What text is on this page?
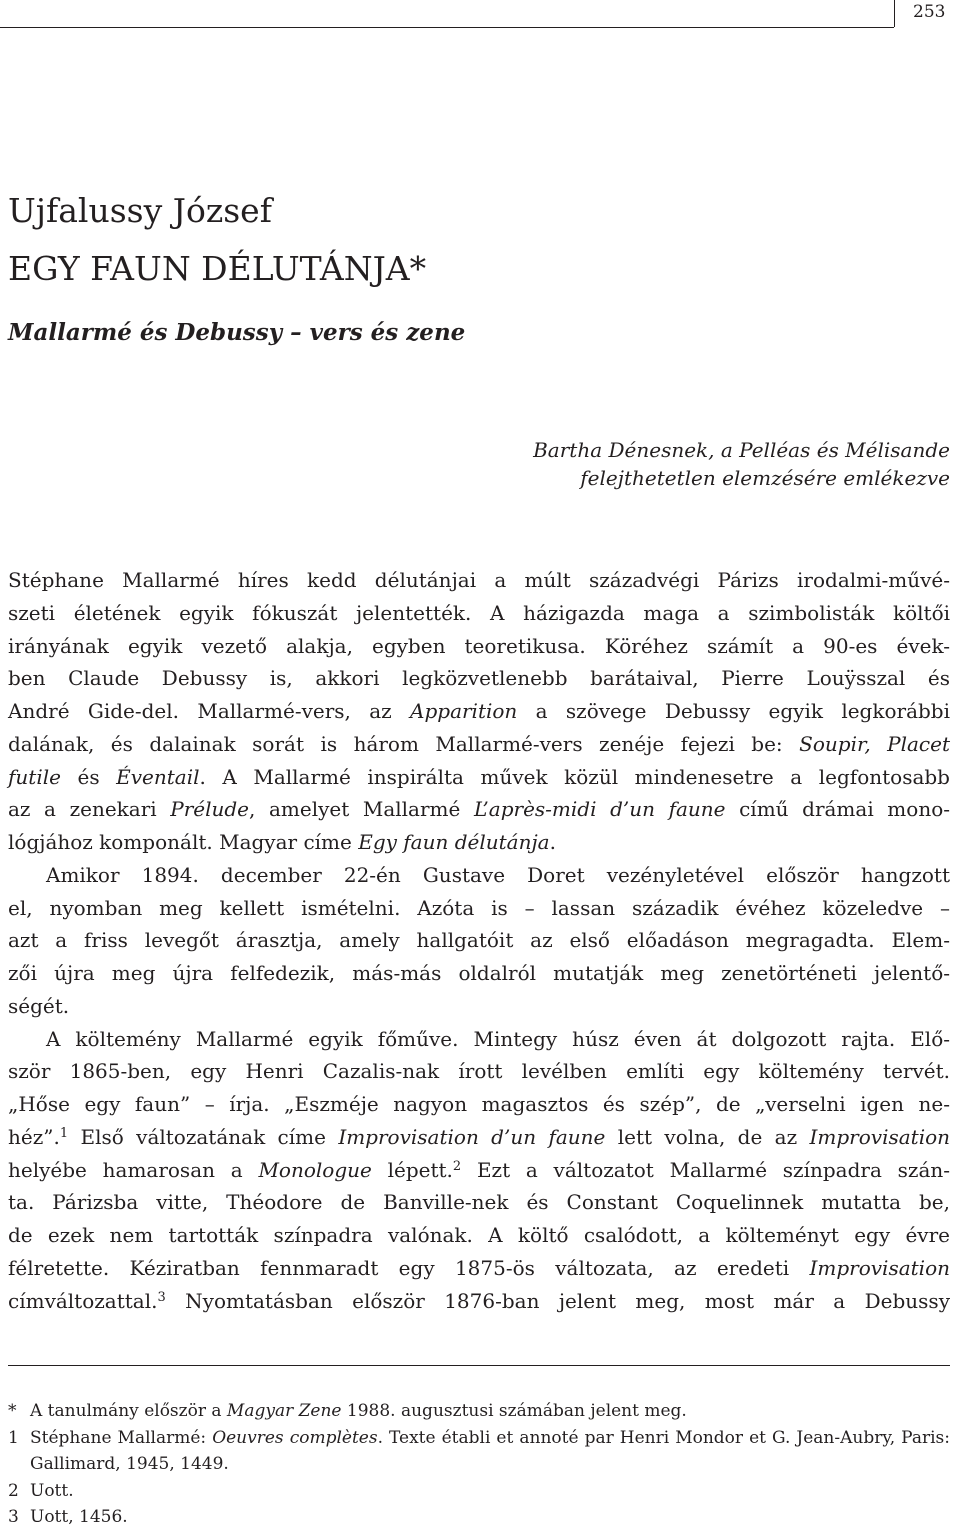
253
Ujfalussy József
EGY FAUN DÉLUTÁNJA*
Mallarmé és Debussy – vers és zene
Bartha Dénesnek, a Pelléas és Mélisande
felejthetetlen elemzésére emlékezve
Stéphane Mallarmé híres kedd délutánjai a múlt századvégi Párizs irodalmi-művé-
szeti életének egyik fókuszát jelentették. A házigazda maga a szimbolisták költői
irányának egyik vezető alakja, egyben teoretikusa. Köréhez számít a 90-es évek-
ben Claude Debussy is, akkori legközvetlenebb barátaival, Pierre Louÿsszal és
André Gide-del. Mallarmé-vers, az Apparition a szövege Debussy egyik legkorábbi
dalának, és dalainak sorát is három Mallarmé-vers zenéje fejezi be: Soupir, Placet
futile és Éventail. A Mallarmé inspirálta művek közül mindenesetre a legfontosabb
az a zenekari Prélude, amelyet Mallarmé L’après-midi d’un faune című drámai mono-
lógjához komponált. Magyar címe Egy faun délutánja.
Amikor 1894. december 22-én Gustave Doret vezényletével először hangzott
el, nyomban meg kellett ismételni. Azóta is – lassan századik évéhez közeledve –
azt a friss levegőt árasztja, amely hallgatóit az első előadáson megragadta. Elem-
zői újra meg újra felfedezik, más-más oldalról mutatják meg zenetörténeti jelentő-
ségét.
A költemény Mallarmé egyik főműve. Mintegy húsz éven át dolgozott rajta. Elő-
ször 1865-ben, egy Henri Cazalis-nak írott levélben említi egy költemény tervét.
„Hőse egy faun” – írja. „Eszméje nagyon magasztos és szép”, de „verselni igen ne-
héz”.$^1$ Első változatának címe Improvisation d’un faune lett volna, de az Improvisation
helyébe hamarosan a Monologue lépett.$^2$ Ezt a változatot Mallarmé színpadra szán-
ta. Párizsba vitte, Théodore de Banville-nek és Constant Coquelinnek mutatta be,
de ezek nem tartották színpadra valónak. A költő csalódott, a költeményt egy évre
félretette. Kéziratban fennmaradt egy 1875-ös változata, az eredeti Improvisation
címváltozattal.$^3$ Nyomtatásban először 1876-ban jelent meg, most már a Debussy
* A tanulmány először a Magyar Zene 1988. augusztusi számában jelent meg.
1 Stéphane Mallarmé: Oeuvres complètes. Texte établi et annoté par Henri Mondor et G. Jean-Aubry, Paris:
Gallimard, 1945, 1449.
2 Uott.
3 Uott, 1456.
